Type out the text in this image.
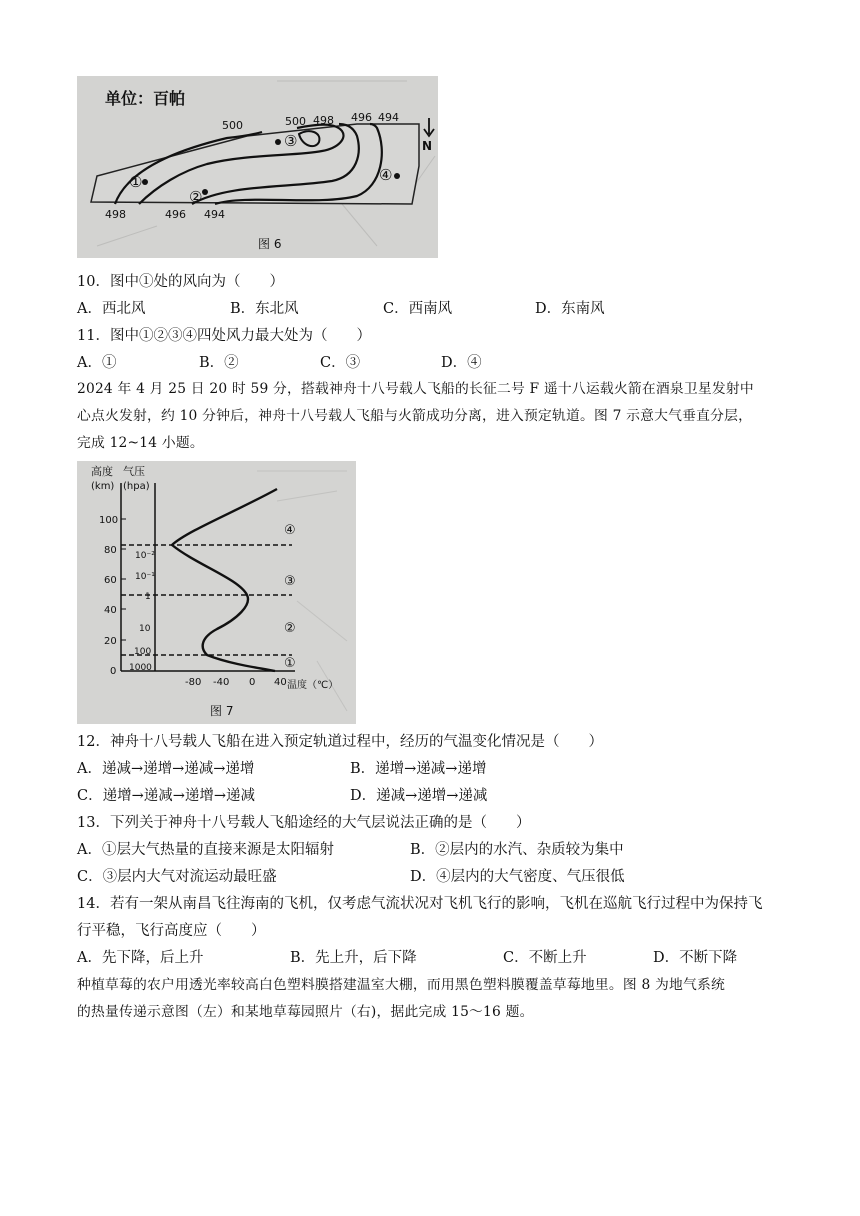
单位：百帕
①
②
③
④
500	500 498 496 494
498	496 494
N
图 6
10．图中①处的风向为（　　）
A．西北风	B．东北风	C．西南风	D．东南风
11．图中①②③④四处风力最大处为（　　）
A．①	B．②	C．③	D．④
2024 年 4 月 25 日 20 时 59 分，搭载神舟十八号载人飞船的长征二号 F 遥十八运载火箭在酒泉卫星发射中
心点火发射，约 10 分钟后，神舟十八号载人飞船与火箭成功分离，进入预定轨道。图 7 示意大气垂直分层，
完成 12~14 小题。
高度
(km)
气压
(hpa)
100
80
60
40
20
0
10⁻²
10⁻¹
1
10
100
1000
-80 -40 0 40 温度（℃）
①
②
③
④
图 7
12．神舟十八号载人飞船在进入预定轨道过程中，经历的气温变化情况是（　　）
A．递减→递增→递减→递增	B．递增→递减→递增
C．递增→递减→递增→递减	D．递减→递增→递减
13．下列关于神舟十八号载人飞船途经的大气层说法正确的是（　　）
A．①层大气热量的直接来源是太阳辐射	B．②层内的水汽、杂质较为集中
C．③层内大气对流运动最旺盛	D．④层内的大气密度、气压很低
14．若有一架从南昌飞往海南的飞机，仅考虑气流状况对飞机飞行的影响，飞机在巡航飞行过程中为保持飞
行平稳，飞行高度应（　　）
A．先下降，后上升	B．先上升，后下降	C．不断上升	D．不断下降
种植草莓的农户用透光率较高白色塑料膜搭建温室大棚，而用黑色塑料膜覆盖草莓地里。图 8 为地气系统
的热量传递示意图（左）和某地草莓园照片（右)，据此完成 15～16 题。
